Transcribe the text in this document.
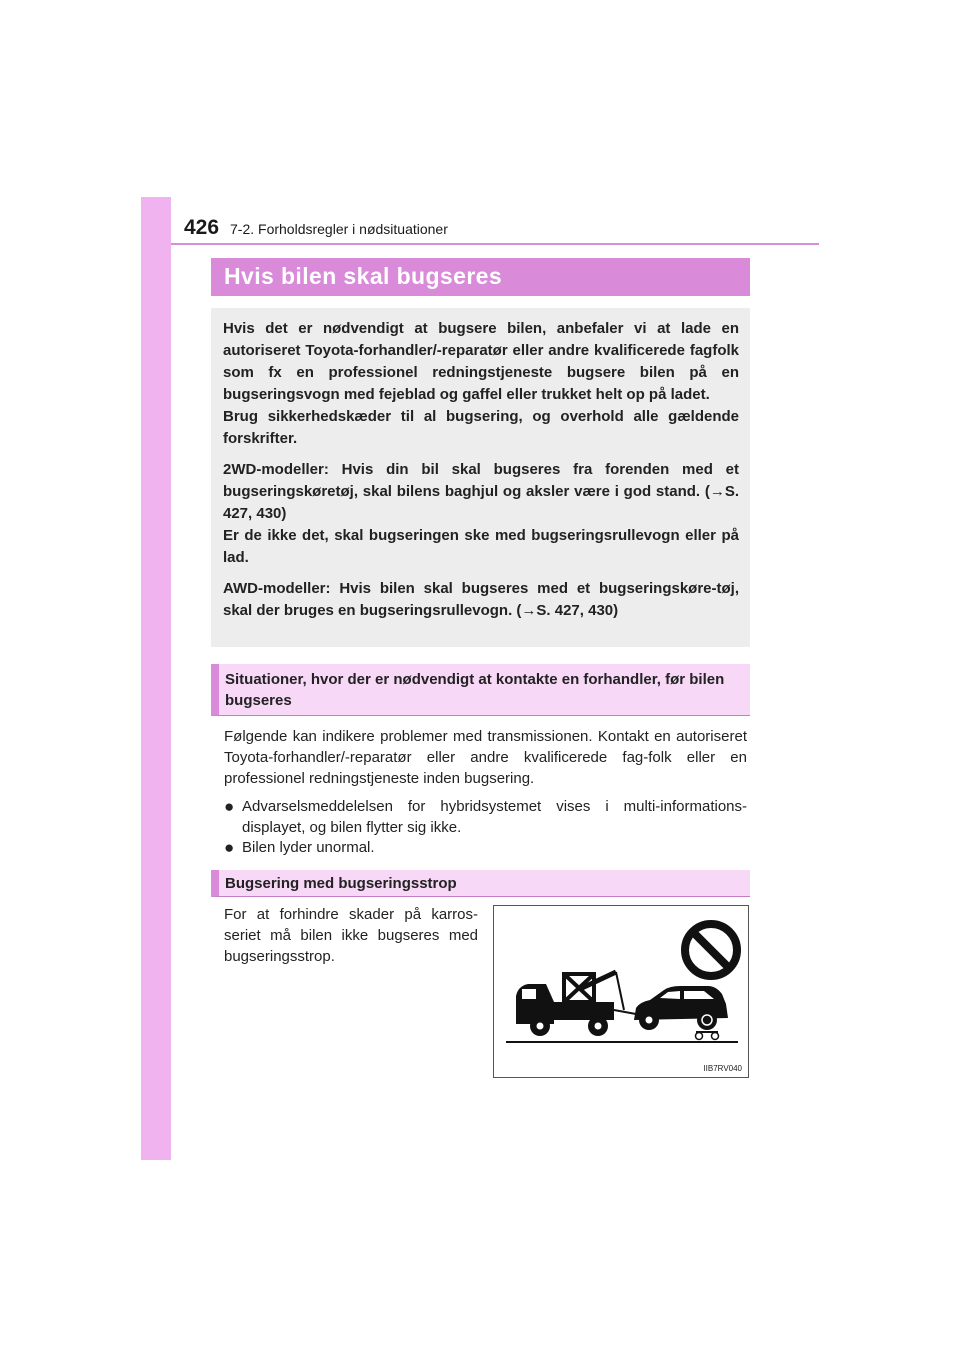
426 7-2. Forholdsregler i nødsituationer
Hvis bilen skal bugseres

Hvis det er nødvendigt at bugsere bilen, anbefaler vi at lade en autoriseret Toyota-forhandler/-reparatør eller andre kvalificerede fagfolk som fx en professionel redningstjeneste bugsere bilen på en bugseringsvogn med fejeblad og gaffel eller trukket helt op på ladet.

Brug sikkerhedskæder til al bugsering, og overhold alle gældende forskrifter.

2WD-modeller: Hvis din bil skal bugseres fra forenden med et bugseringskøretøj, skal bilens baghjul og aksler være i god stand. (→S. 427, 430)

Er de ikke det, skal bugseringen ske med bugseringsrullevogn eller på lad.

AWD-modeller: Hvis bilen skal bugseres med et bugseringskøre-tøj, skal der bruges en bugseringsrullevogn. (→S. 427, 430)

Situationer, hvor der er nødvendigt at kontakte en forhandler, før bilen bugseres
Følgende kan indikere problemer med transmissionen. Kontakt en autoriseret Toyota-forhandler/-reparatør eller andre kvalificerede fag-folk eller en professionel redningstjeneste inden bugsering.
● Advarselsmeddelelsen for hybridsystemet vises i multi-informations-displayet, og bilen flytter sig ikke.
● Bilen lyder unormal.
Bugsering med bugseringsstrop
For at forhindre skader på karros-seriet må bilen ikke bugseres med bugseringsstrop.
IIB7RV040
